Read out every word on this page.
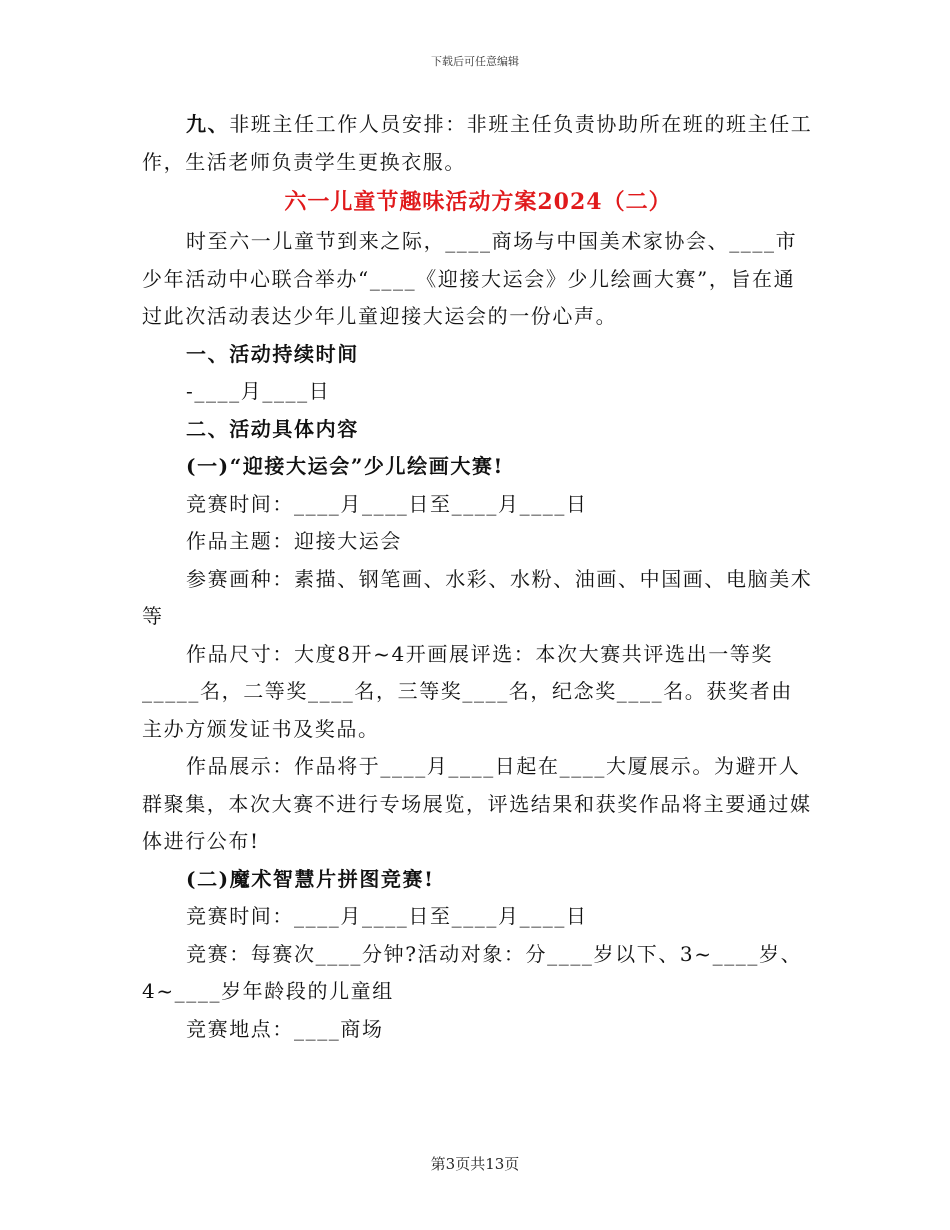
下载后可任意编辑

九、非班主任工作人员安排：非班主任负责协助所在班的班主任工作，生活老师负责学生更换衣服。

六一儿童节趣味活动方案2024（二）

时至六一儿童节到来之际，____商场与中国美术家协会、____市少年活动中心联合举办“____《迎接大运会》少儿绘画大赛”，旨在通过此次活动表达少年儿童迎接大运会的一份心声。

一、活动持续时间

-____月____日

二、活动具体内容

(一)“迎接大运会”少儿绘画大赛!

竞赛时间：____月____日至____月____日

作品主题：迎接大运会

参赛画种：素描、钢笔画、水彩、水粉、油画、中国画、电脑美术等

作品尺寸：大度8开~4开画展评选：本次大赛共评选出一等奖_____名，二等奖____名，三等奖____名，纪念奖____名。获奖者由主办方颁发证书及奖品。

作品展示：作品将于____月____日起在____大厦展示。为避开人群聚集，本次大赛不进行专场展览，评选结果和获奖作品将主要通过媒体进行公布!

(二)魔术智慧片拼图竞赛!

竞赛时间：____月____日至____月____日

竞赛：每赛次____分钟?活动对象：分____岁以下、3~____岁、4~____岁年龄段的儿童组

竞赛地点：____商场

第3页共13页
